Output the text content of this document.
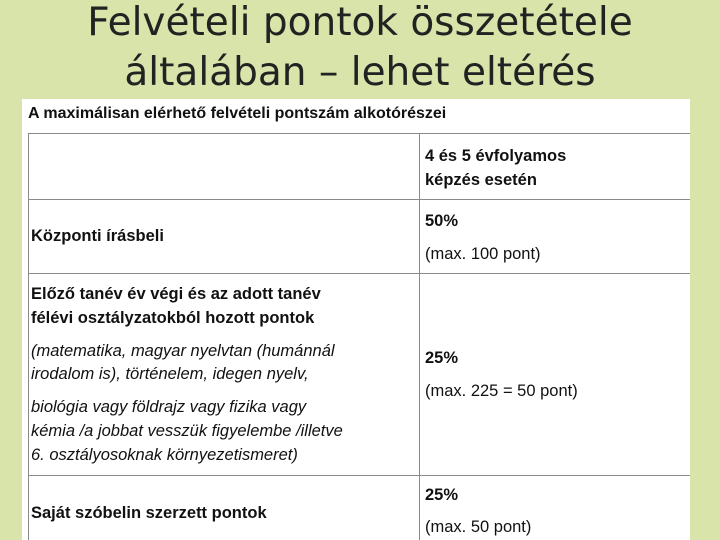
Felvételi pontok összetétele
általában – lehet eltérés
A maximálisan elérhető felvételi pontszám alkotórészei
4 és 5 évfolyamos
képzés esetén
Központi írásbeli
50%
(max. 100 pont)
Előző tanév év végi és az adott tanév
félévi osztályzatokból hozott pontok
(matematika, magyar nyelvtan (humánnál
irodalom is), történelem, idegen nyelv,
biológia vagy földrajz vagy fizika vagy
kémia /a jobbat vesszük figyelembe /illetve
6. osztályosoknak környezetismeret)
25%
(max. 225 = 50 pont)
Saját szóbelin szerzett pontok
25%
(max. 50 pont)
